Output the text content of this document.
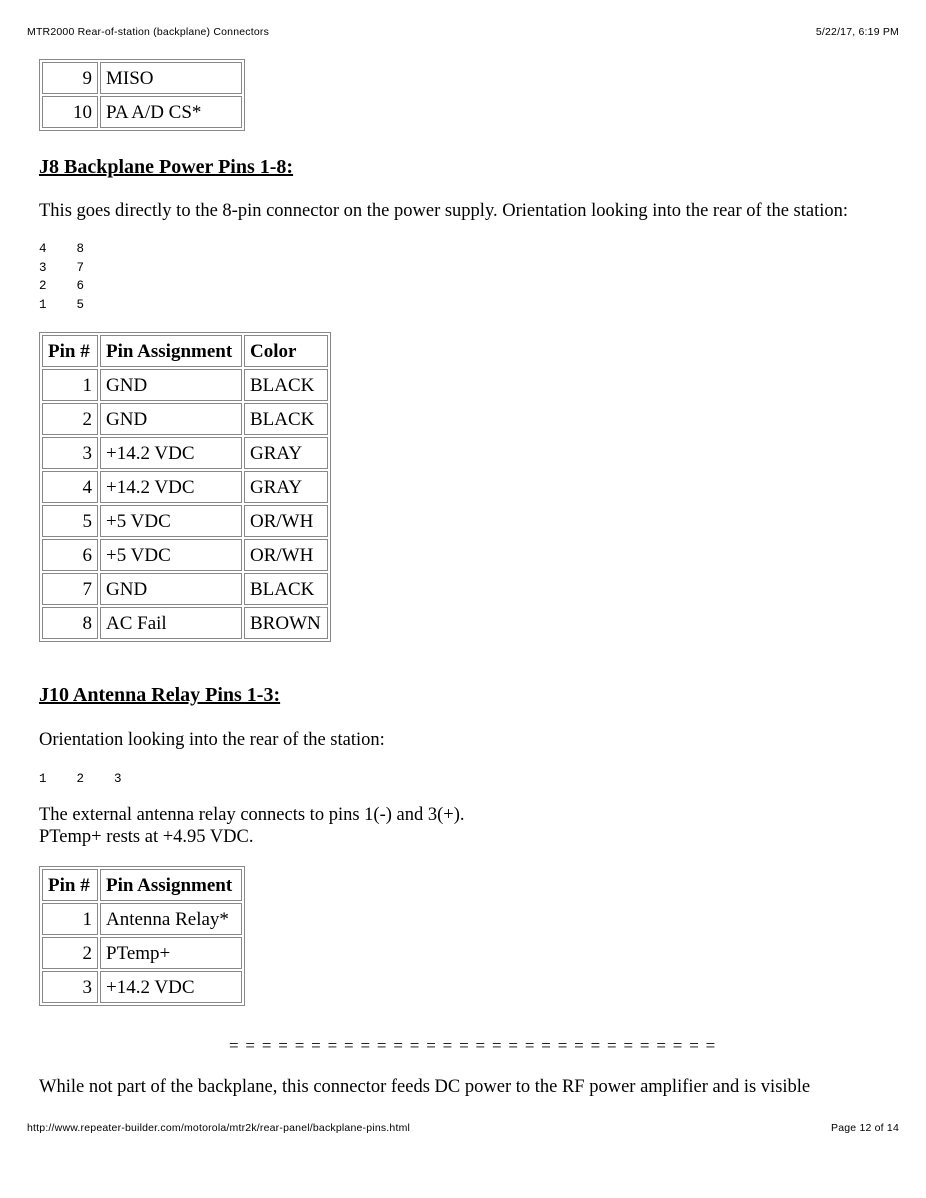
MTR2000 Rear-of-station (backplane) Connectors	5/22/17, 6:19 PM
9	MISO
10	PA A/D CS*
J8 Backplane Power Pins 1-8:

This goes directly to the 8-pin connector on the power supply. Orientation looking into the rear of the station:

4    8
3    7
2    6
1    5
Pin #	Pin Assignment	Color
1	GND	BLACK
2	GND	BLACK
3	+14.2 VDC	GRAY
4	+14.2 VDC	GRAY
5	+5 VDC	OR/WH
6	+5 VDC	OR/WH
7	GND	BLACK
8	AC Fail	BROWN
J10 Antenna Relay Pins 1-3:

Orientation looking into the rear of the station:

1    2    3

The external antenna relay connects to pins 1(-) and 3(+).

PTemp+ rests at +4.95 VDC.

Pin #	Pin Assignment
1	Antenna Relay*
2	PTemp+
3	+14.2 VDC
= = = = = = = = = = = = = = = = = = = = = = = = = = = = = =

While not part of the backplane, this connector feeds DC power to the RF power amplifier and is visible

http://www.repeater-builder.com/motorola/mtr2k/rear-panel/backplane-pins.html	Page 12 of 14
